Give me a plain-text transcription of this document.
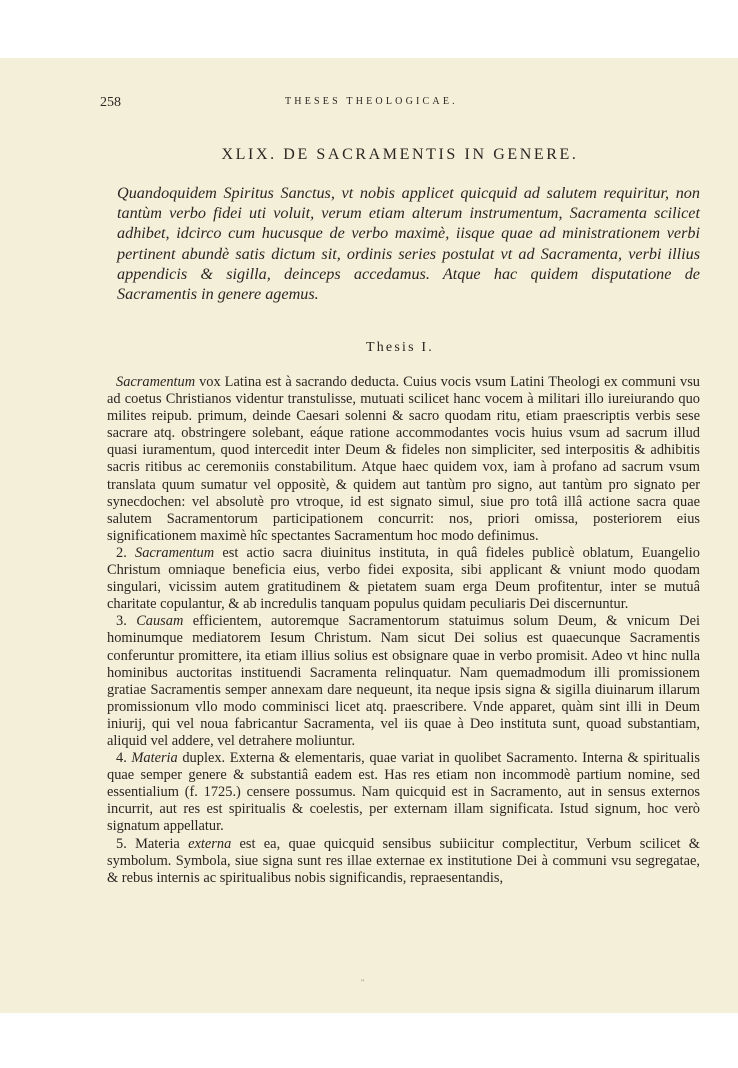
258	THESES THEOLOGICAE.
XLIX. DE SACRAMENTIS IN GENERE.

Quandoquidem Spiritus Sanctus, vt nobis applicet quicquid ad salutem requiritur, non tantùm verbo fidei uti voluit, verum etiam alterum instrumentum, Sacramenta scilicet adhibet, idcirco cum hucusque de verbo maximè, iisque quae ad ministrationem verbi pertinent abundè satis dictum sit, ordinis series postulat vt ad Sacramenta, verbi illius appendicis & sigilla, deinceps accedamus. Atque hac quidem disputatione de Sacramentis in genere agemus.

Thesis I.

Sacramentum vox Latina est à sacrando deducta. Cuius vocis vsum Latini Theologi ex communi vsu ad coetus Christianos videntur transtulisse, mutuati scilicet hanc vocem à militari illo iureiurando quo milites reipub. primum, deinde Caesari solenni & sacro quodam ritu, etiam praescriptis verbis sese sacrare atq. obstringere solebant, eáque ratione accommodantes vocis huius vsum ad sacrum illud quasi iuramentum, quod intercedit inter Deum & fideles non simpliciter, sed interpositis & adhibitis sacris ritibus ac ceremoniis constabilitum. Atque haec quidem vox, iam à profano ad sacrum vsum translata quum sumatur vel oppositè, & quidem aut tantùm pro signo, aut tantùm pro signato per synecdochen: vel absolutè pro vtroque, id est signato simul, siue pro totâ illâ actione sacra quae salutem Sacramentorum participationem concurrit: nos, priori omissa, posteriorem eius significationem maximè hîc spectantes Sacramentum hoc modo definimus.

2. Sacramentum est actio sacra diuinitus instituta, in quâ fideles publicè oblatum, Euangelio Christum omniaque beneficia eius, verbo fidei exposita, sibi applicant & vniunt modo quodam singulari, vicissim autem gratitudinem & pietatem suam erga Deum profitentur, inter se mutuâ charitate copulantur, & ab incredulis tanquam populus quidam peculiaris Dei discernuntur.

3. Causam efficientem, autoremque Sacramentorum statuimus solum Deum, & vnicum Dei hominumque mediatorem Iesum Christum. Nam sicut Dei solius est quaecunque Sacramentis conferuntur promittere, ita etiam illius solius est obsignare quae in verbo promisit. Adeo vt hinc nulla hominibus auctoritas instituendi Sacramenta relinquatur. Nam quemadmodum illi promissionem gratiae Sacramentis semper annexam dare nequeunt, ita neque ipsis signa & sigilla diuinarum illarum promissionum vllo modo comminisci licet atq. praescribere. Vnde apparet, quàm sint illi in Deum iniurij, qui vel noua fabricantur Sacramenta, vel iis quae à Deo instituta sunt, quoad substantiam, aliquid vel addere, vel detrahere moliuntur.

4. Materia duplex. Externa & elementaris, quae variat in quolibet Sacramento. Interna & spiritualis quae semper genere & substantiâ eadem est. Has res etiam non incommodè partium nomine, sed essentialium (f. 1725.) censere possumus. Nam quicquid est in Sacramento, aut in sensus externos incurrit, aut res est spiritualis & coelestis, per externam illam significata. Istud signum, hoc verò signatum appellatur.

5. Materia externa est ea, quae quicquid sensibus subiicitur complectitur, Verbum scilicet & symbolum. Symbola, siue signa sunt res illae externae ex institutione Dei à communi vsu segregatae, & rebus internis ac spiritualibus nobis significandis, repraesentandis,

"
